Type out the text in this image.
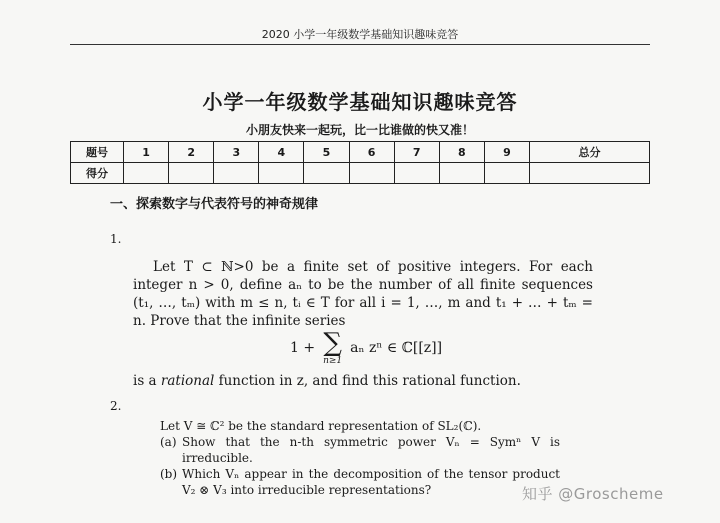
2020 小学一年级数学基础知识趣味竞答
小学一年级数学基础知识趣味竞答
小朋友快来一起玩，比一比谁做的快又准！
题号	1	2	3	4	5	6	7	8	9	总分
得分										
一、探索数字与代表符号的神奇规律
1.

Let T ⊂ ℕ>0 be a finite set of positive integers. For each integer n > 0, define aₙ to be the number of all finite sequences (t₁, …, tₘ) with m ≤ n, tᵢ ∈ T for all i = 1, …, m and t₁ + … + tₘ = n. Prove that the infinite series

1 + ∑
n≥1
aₙ zⁿ ∈ ℂ[[z]]
is a rational function in z, and find this rational function.
2.
Let V ≅ ℂ² be the standard representation of SL₂(ℂ).
(a) Show that the n-th symmetric power Vₙ = Symⁿ V is irreducible.
(b) Which Vₙ appear in the decomposition of the tensor product V₂ ⊗ V₃ into irreducible representations?	知乎 @Groscheme
